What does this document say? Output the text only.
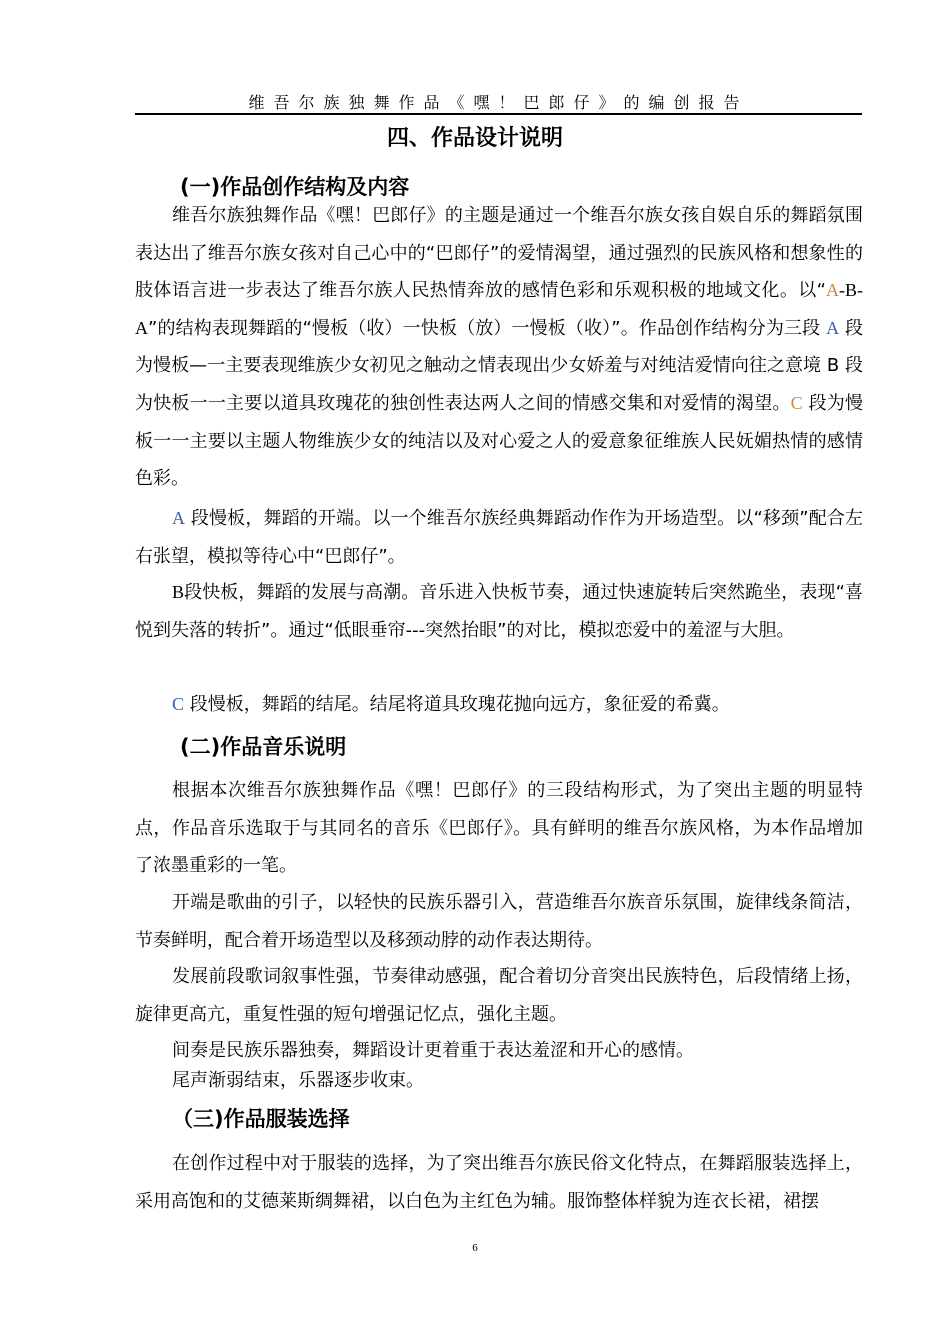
维吾尔族独舞作品《嘿！巴郎仔》的编创报告
四、作品设计说明
(一)作品创作结构及内容

维吾尔族独舞作品《嘿！巴郎仔》的主题是通过一个维吾尔族女孩自娱自乐的舞蹈氛围表达出了维吾尔族女孩对自己心中的“巴郎仔”的爱情渴望，通过强烈的民族风格和想象性的肢体语言进一步表达了维吾尔族人民热情奔放的感情色彩和乐观积极的地域文化。以“A-B-A”的结构表现舞蹈的“慢板（收）一快板（放）一慢板（收）”。作品创作结构分为三段 A 段为慢板—一主要表现维族少女初见之触动之情表现出少女娇羞与对纯洁爱情向往之意境 B 段为快板一一主要以道具玫瑰花的独创性表达两人之间的情感交集和对爱情的渴望。C 段为慢板一一主要以主题人物维族少女的纯洁以及对心爱之人的爱意象征维族人民妩媚热情的感情色彩。

A 段慢板，舞蹈的开端。以一个维吾尔族经典舞蹈动作作为开场造型。以“移颈”配合左右张望，模拟等待心中“巴郎仔”。

B段快板，舞蹈的发展与高潮。音乐进入快板节奏，通过快速旋转后突然跪坐，表现“喜悦到失落的转折”。通过“低眼垂帘---突然抬眼”的对比，模拟恋爱中的羞涩与大胆。

C 段慢板，舞蹈的结尾。结尾将道具玫瑰花抛向远方，象征爱的希冀。

(二)作品音乐说明

根据本次维吾尔族独舞作品《嘿！巴郎仔》的三段结构形式，为了突出主题的明显特点，作品音乐选取于与其同名的音乐《巴郎仔》。具有鲜明的维吾尔族风格，为本作品增加了浓墨重彩的一笔。

开端是歌曲的引子，以轻快的民族乐器引入，营造维吾尔族音乐氛围，旋律线条简洁，节奏鲜明，配合着开场造型以及移颈动脖的动作表达期待。

发展前段歌词叙事性强，节奏律动感强，配合着切分音突出民族特色，后段情绪上扬，旋律更高亢，重复性强的短句增强记忆点，强化主题。

间奏是民族乐器独奏，舞蹈设计更着重于表达羞涩和开心的感情。

尾声渐弱结束，乐器逐步收束。

（三)作品服装选择

在创作过程中对于服装的选择，为了突出维吾尔族民俗文化特点，在舞蹈服装选择上，采用高饱和的艾德莱斯绸舞裙，以白色为主红色为辅。服饰整体样貌为连衣长裙，裙摆

6
